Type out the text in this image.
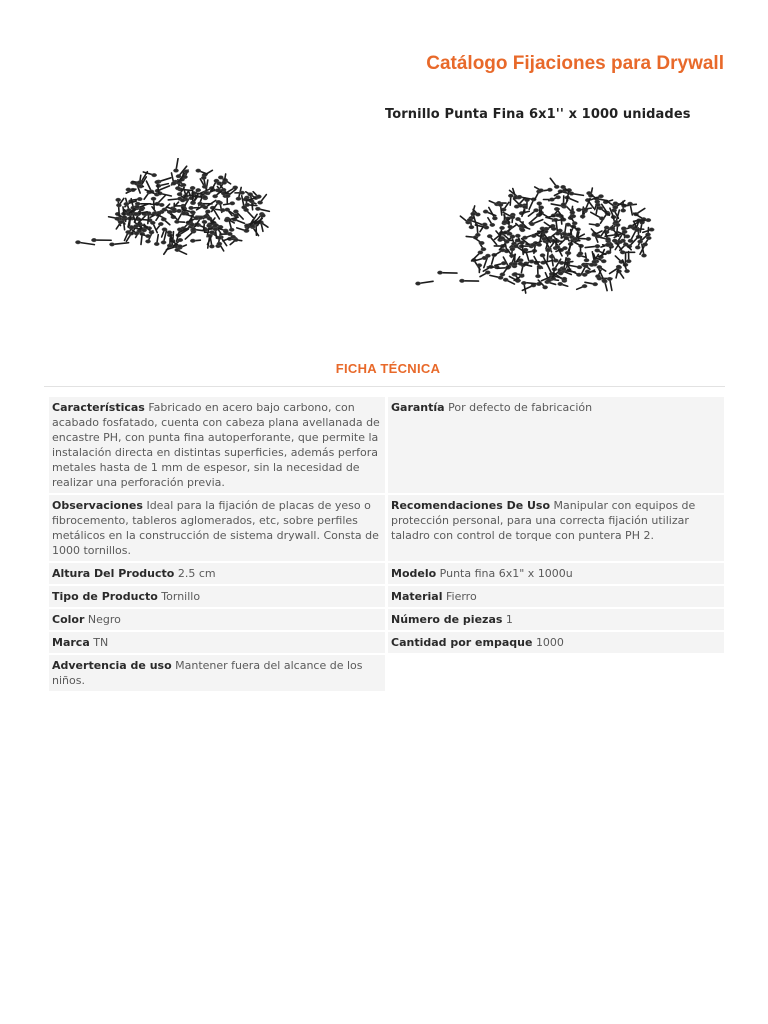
Catálogo Fijaciones para Drywall
Tornillo Punta Fina 6x1'' x 1000 unidades
FICHA TÉCNICA
Características Fabricado en acero bajo carbono, con acabado fosfatado, cuenta con cabeza plana avellanada de encastre PH, con punta fina autoperforante, que permite la instalación directa en distintas superficies, además perfora metales hasta de 1 mm de espesor, sin la necesidad de realizar una perforación previa.	Garantía Por defecto de fabricación
Observaciones Ideal para la fijación de placas de yeso o fibrocemento, tableros aglomerados, etc, sobre perfiles metálicos en la construcción de sistema drywall. Consta de 1000 tornillos.	Recomendaciones De Uso Manipular con equipos de protección personal, para una correcta fijación utilizar taladro con control de torque con puntera PH 2.
Altura Del Producto 2.5 cm	Modelo Punta fina 6x1" x 1000u
Tipo de Producto Tornillo	Material Fierro
Color Negro	Número de piezas 1
Marca TN	Cantidad por empaque 1000
Advertencia de uso Mantener fuera del alcance de los niños.	
